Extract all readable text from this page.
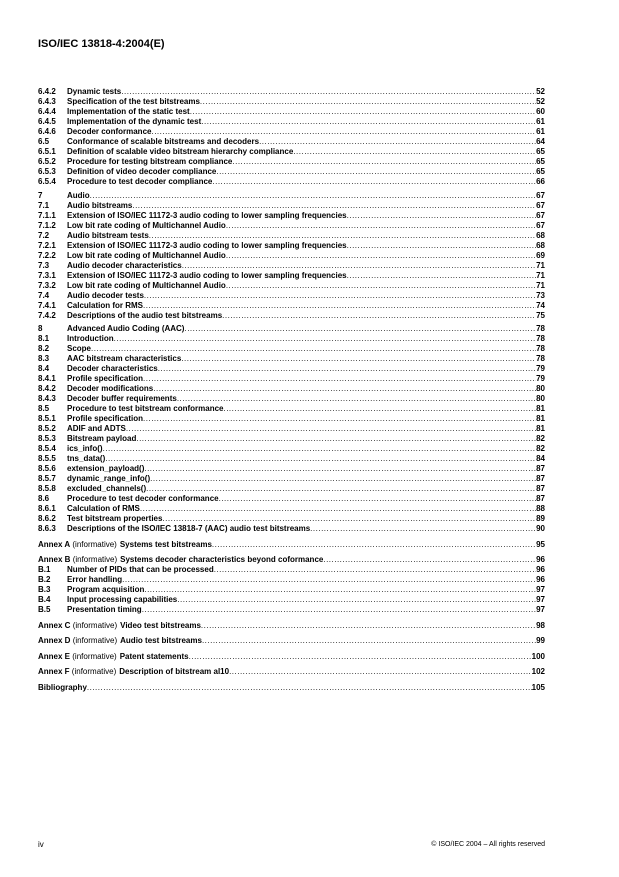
ISO/IEC 13818-4:2004(E)
6.4.2	Dynamic tests .....	52
6.4.3	Specification of the test bitstreams .....	52
6.4.4	Implementation of the static test .....	60
6.4.5	Implementation of the dynamic test .....	61
6.4.6	Decoder conformance .....	61
6.5	Conformance of scalable bitstreams and decoders .....	64
6.5.1	Definition of scalable video bitstream hierarchy compliance .....	65
6.5.2	Procedure for testing bitstream compliance .....	65
6.5.3	Definition of video decoder compliance .....	65
6.5.4	Procedure to test decoder compliance .....	66
7	Audio .....	67
7.1	Audio bitstreams .....	67
7.1.1	Extension of ISO/IEC 11172-3 audio coding to lower sampling frequencies .....	67
7.1.2	Low bit rate coding of Multichannel Audio .....	67
7.2	Audio bitstream tests .....	68
7.2.1	Extension of ISO/IEC 11172-3 audio coding to lower sampling frequencies .....	68
7.2.2	Low bit rate coding of Multichannel Audio .....	69
7.3	Audio decoder characteristics .....	71
7.3.1	Extension of ISO/IEC 11172-3 audio coding to lower sampling frequencies .....	71
7.3.2	Low bit rate coding of Multichannel Audio .....	71
7.4	Audio decoder tests .....	73
7.4.1	Calculation for RMS .....	74
7.4.2	Descriptions of the audio test bitstreams .....	75
8	Advanced Audio Coding (AAC) .....	78
8.1	Introduction .....	78
8.2	Scope .....	78
8.3	AAC bitstream characteristics .....	78
8.4	Decoder characteristics .....	79
8.4.1	Profile specification .....	79
8.4.2	Decoder modifications .....	80
8.4.3	Decoder buffer requirements .....	80
8.5	Procedure to test bitstream conformance .....	81
8.5.1	Profile specification .....	81
8.5.2	ADIF and ADTS .....	81
8.5.3	Bitstream payload .....	82
8.5.4	ics_info() .....	82
8.5.5	tns_data() .....	84
8.5.6	extension_payload() .....	87
8.5.7	dynamic_range_info() .....	87
8.5.8	excluded_channels() .....	87
8.6	Procedure to test decoder conformance .....	87
8.6.1	Calculation of RMS .....	88
8.6.2	Test bitstream properties .....	89
8.6.3	Descriptions of the ISO/IEC 13818-7 (AAC) audio test bitstreams .....	90
Annex A
(informative) Systems test bitstreams .....	95
Annex B
(informative) Systems decoder characteristics beyond coformance .....	96
B.1	Number of PIDs that can be processed .....	96
B.2	Error handling .....	96
B.3	Program acquisition .....	97
B.4	Input processing capabilities .....	97
B.5	Presentation timing .....	97
Annex C
(informative) Video test bitstreams .....	98
Annex D
(informative) Audio test bitstreams .....	99
Annex E
(informative) Patent statements .....	100
Annex F
(informative) Description of bitstream al10 .....	102
Bibliography .....	105
iv	© ISO/IEC 2004 – All rights reserved
